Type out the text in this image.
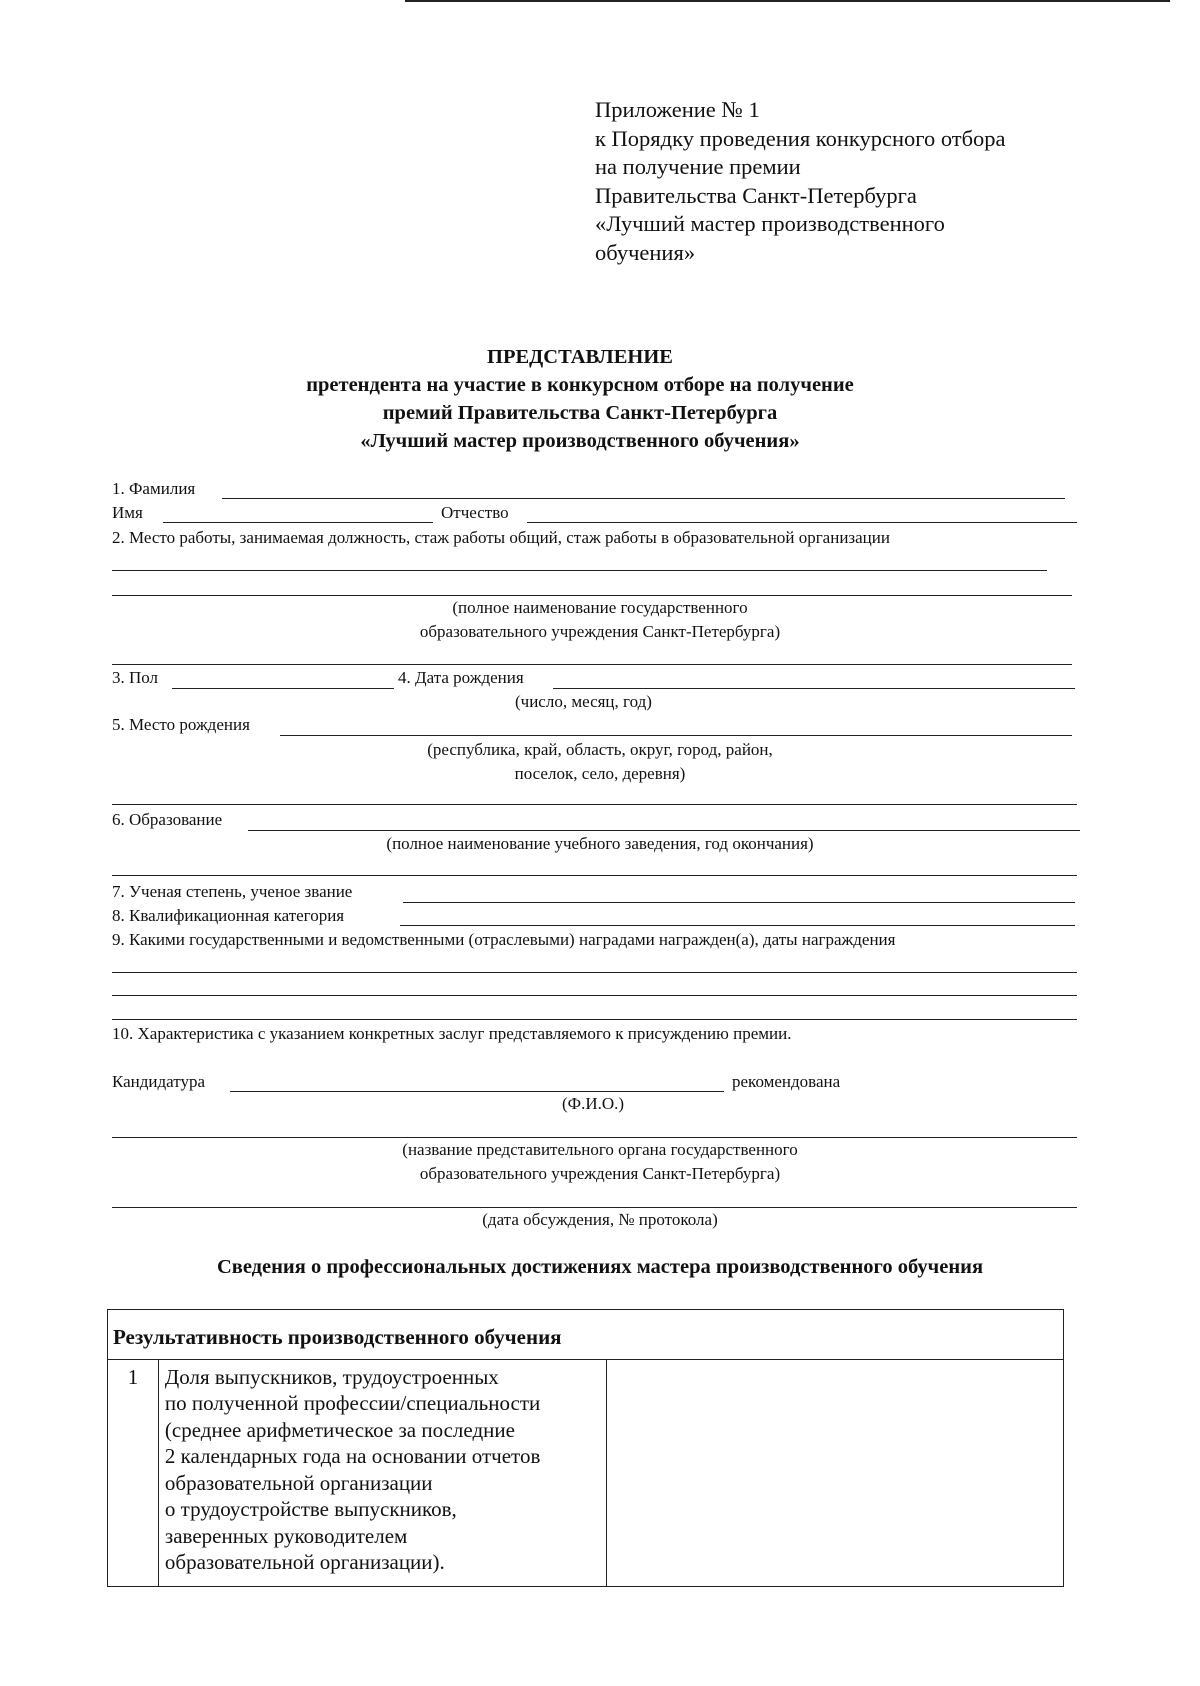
Приложение № 1
к Порядку проведения конкурсного отбора
на получение премии
Правительства Санкт-Петербурга
«Лучший мастер производственного
обучения»
ПРЕДСТАВЛЕНИЕ
претендента на участие в конкурсном отборе на получение
премий Правительства Санкт-Петербурга
«Лучший мастер производственного обучения»
1. Фамилия
Имя	Отчество
2. Место работы, занимаемая должность, стаж работы общий, стаж работы в образовательной организации
(полное наименование государственного
образовательного учреждения Санкт-Петербурга)
3. Пол	4. Дата рождения
(число, месяц, год)
5. Место рождения
(республика, край, область, округ, город, район,
поселок, село, деревня)
6. Образование
(полное наименование учебного заведения, год окончания)
7. Ученая степень, ученое звание
8. Квалификационная категория
9. Какими государственными и ведомственными (отраслевыми) наградами награжден(а), даты награждения
10. Характеристика с указанием конкретных заслуг представляемого к присуждению премии.
Кандидатура	рекомендована
(Ф.И.О.)
(название представительного органа государственного
образовательного учреждения Санкт-Петербурга)
(дата обсуждения, № протокола)
Сведения о профессиональных достижениях мастера производственного обучения
Результативность производственного обучения
1	Доля выпускников, трудоустроенных
по полученной профессии/специальности
(среднее арифметическое за последние
2 календарных года на основании отчетов
образовательной организации
о трудоустройстве выпускников,
заверенных руководителем
образовательной организации).
